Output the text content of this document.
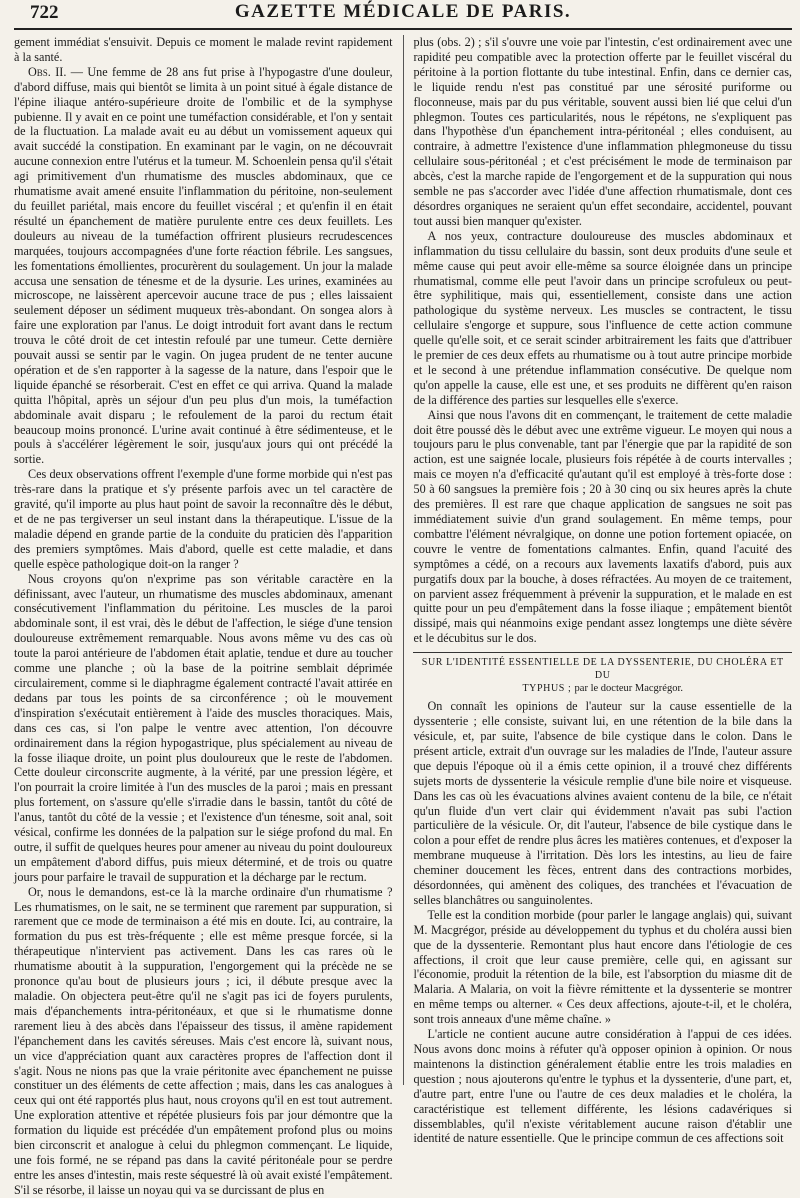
722	GAZETTE MÉDICALE DE PARIS.

gement immédiat s'ensuivit. Depuis ce moment le malade revint rapidement à la santé.

Obs. II. — Une femme de 28 ans fut prise à l'hypogastre d'une douleur, d'abord diffuse, mais qui bientôt se limita à un point situé à égale distance de l'épine iliaque antéro-supérieure droite de l'ombilic et de la symphyse pubienne. Il y avait en ce point une tuméfaction considérable, et l'on y sentait de la fluctuation. La malade avait eu au début un vomissement aqueux qui avait succédé la constipation. En examinant par le vagin, on ne découvrait aucune connexion entre l'utérus et la tumeur. M. Schoenlein pensa qu'il s'était agi primitivement d'un rhumatisme des muscles abdominaux, que ce rhumatisme avait amené ensuite l'inflammation du péritoine, non-seulement du feuillet pariétal, mais encore du feuillet viscéral ; et qu'enfin il en était résulté un épanchement de matière purulente entre ces deux feuillets. Les douleurs au niveau de la tuméfaction offrirent plusieurs recrudescences marquées, toujours accompagnées d'une forte réaction fébrile. Les sangsues, les fomentations émollientes, procurèrent du soulagement. Un jour la malade accusa une sensation de ténesme et de la dysurie. Les urines, examinées au microscope, ne laissèrent apercevoir aucune trace de pus ; elles laissaient seulement déposer un sédiment muqueux très-abondant. On songea alors à faire une exploration par l'anus. Le doigt introduit fort avant dans le rectum trouva le côté droit de cet intestin refoulé par une tumeur. Cette dernière pouvait aussi se sentir par le vagin. On jugea prudent de ne tenter aucune opération et de s'en rapporter à la sagesse de la nature, dans l'espoir que le liquide épanché se résorberait. C'est en effet ce qui arriva. Quand la malade quitta l'hôpital, après un séjour d'un peu plus d'un mois, la tuméfaction abdominale avait disparu ; le refoulement de la paroi du rectum était beaucoup moins prononcé. L'urine avait continué à être sédimenteuse, et le pouls à s'accélérer légèrement le soir, jusqu'aux jours qui ont précédé la sortie.

Ces deux observations offrent l'exemple d'une forme morbide qui n'est pas très-rare dans la pratique et s'y présente parfois avec un tel caractère de gravité, qu'il importe au plus haut point de savoir la reconnaître dès le début, et de ne pas tergiverser un seul instant dans la thérapeutique. L'issue de la maladie dépend en grande partie de la conduite du praticien dès l'apparition des premiers symptômes. Mais d'abord, quelle est cette maladie, et dans quelle espèce pathologique doit-on la ranger ?

Nous croyons qu'on n'exprime pas son véritable caractère en la définissant, avec l'auteur, un rhumatisme des muscles abdominaux, amenant consécutivement l'inflammation du péritoine. Les muscles de la paroi abdominale sont, il est vrai, dès le début de l'affection, le siége d'une tension douloureuse extrêmement remarquable. Nous avons même vu des cas où toute la paroi antérieure de l'abdomen était aplatie, tendue et dure au toucher comme une planche ; où la base de la poitrine semblait déprimée circulairement, comme si le diaphragme également contracté l'avait attirée en dedans par tous les points de sa circonférence ; où le mouvement d'inspiration s'exécutait entièrement à l'aide des muscles thoraciques. Mais, dans ces cas, si l'on palpe le ventre avec attention, l'on découvre ordinairement dans la région hypogastrique, plus spécialement au niveau de la fosse iliaque droite, un point plus douloureux que le reste de l'abdomen. Cette douleur circonscrite augmente, à la vérité, par une pression légère, et l'on pourrait la croire limitée à l'un des muscles de la paroi ; mais en pressant plus fortement, on s'assure qu'elle s'irradie dans le bassin, tantôt du côté de l'anus, tantôt du côté de la vessie ; et l'existence d'un ténesme, soit anal, soit vésical, confirme les données de la palpation sur le siége profond du mal. En outre, il suffit de quelques heures pour amener au niveau du point douloureux un empâtement d'abord diffus, puis mieux déterminé, et de trois ou quatre jours pour parfaire le travail de suppuration et la décharge par le rectum.

Or, nous le demandons, est-ce là la marche ordinaire d'un rhumatisme ? Les rhumatismes, on le sait, ne se terminent que rarement par suppuration, si rarement que ce mode de terminaison a été mis en doute. Ici, au contraire, la formation du pus est très-fréquente ; elle est même presque forcée, si la thérapeutique n'intervient pas activement. Dans les cas rares où le rhumatisme aboutit à la suppuration, l'engorgement qui la précède ne se prononce qu'au bout de plusieurs jours ; ici, il débute presque avec la maladie. On objectera peut-être qu'il ne s'agit pas ici de foyers purulents, mais d'épanchements intra-péritonéaux, et que si le rhumatisme donne rarement lieu à des abcès dans l'épaisseur des tissus, il amène rapidement l'épanchement dans les cavités séreuses. Mais c'est encore là, suivant nous, un vice d'appréciation quant aux caractères propres de l'affection dont il s'agit. Nous ne nions pas que la vraie péritonite avec épanchement ne puisse constituer un des éléments de cette affection ; mais, dans les cas analogues à ceux qui ont été rapportés plus haut, nous croyons qu'il en est tout autrement. Une exploration attentive et répétée plusieurs fois par jour démontre que la formation du liquide est précédée d'un empâtement profond plus ou moins bien circonscrit et analogue à celui du phlegmon commençant. Le liquide, une fois formé, ne se répand pas dans la cavité péritonéale pour se perdre entre les anses d'intestin, mais reste séquestré là où avait existé l'empâtement. S'il se résorbe, il laisse un noyau qui va se durcissant de plus en

plus (obs. 2) ; s'il s'ouvre une voie par l'intestin, c'est ordinairement avec une rapidité peu compatible avec la protection offerte par le feuillet viscéral du péritoine à la portion flottante du tube intestinal. Enfin, dans ce dernier cas, le liquide rendu n'est pas constitué par une sérosité puriforme ou floconneuse, mais par du pus véritable, souvent aussi bien lié que celui d'un phlegmon. Toutes ces particularités, nous le répétons, ne s'expliquent pas dans l'hypothèse d'un épanchement intra-péritonéal ; elles conduisent, au contraire, à admettre l'existence d'une inflammation phlegmoneuse du tissu cellulaire sous-péritonéal ; et c'est précisément le mode de terminaison par abcès, c'est la marche rapide de l'engorgement et de la suppuration qui nous semble ne pas s'accorder avec l'idée d'une affection rhumatismale, dont ces désordres organiques ne seraient qu'un effet secondaire, accidentel, pouvant tout aussi bien manquer qu'exister.

A nos yeux, contracture douloureuse des muscles abdominaux et inflammation du tissu cellulaire du bassin, sont deux produits d'une seule et même cause qui peut avoir elle-même sa source éloignée dans un principe rhumatismal, comme elle peut l'avoir dans un principe scrofuleux ou peut-être syphilitique, mais qui, essentiellement, consiste dans une action pathologique du système nerveux. Les muscles se contractent, le tissu cellulaire s'engorge et suppure, sous l'influence de cette action commune quelle qu'elle soit, et ce serait scinder arbitrairement les faits que d'attribuer le premier de ces deux effets au rhumatisme ou à tout autre principe morbide et le second à une prétendue inflammation consécutive. De quelque nom qu'on appelle la cause, elle est une, et ses produits ne diffèrent qu'en raison de la différence des parties sur lesquelles elle s'exerce.

Ainsi que nous l'avons dit en commençant, le traitement de cette maladie doit être poussé dès le début avec une extrême vigueur. Le moyen qui nous a toujours paru le plus convenable, tant par l'énergie que par la rapidité de son action, est une saignée locale, plusieurs fois répétée à de courts intervalles ; mais ce moyen n'a d'efficacité qu'autant qu'il est employé à très-forte dose : 50 à 60 sangsues la première fois ; 20 à 30 cinq ou six heures après la chute des premières. Il est rare que chaque application de sangsues ne soit pas immédiatement suivie d'un grand soulagement. En même temps, pour combattre l'élément névralgique, on donne une potion fortement opiacée, on couvre le ventre de fomentations calmantes. Enfin, quand l'acuité des symptômes a cédé, on a recours aux lavements laxatifs d'abord, puis aux purgatifs doux par la bouche, à doses réfractées. Au moyen de ce traitement, on parvient assez fréquemment à prévenir la suppuration, et le malade en est quitte pour un peu d'empâtement dans la fosse iliaque ; empâtement bientôt dissipé, mais qui néanmoins exige pendant assez longtemps une diète sévère et le décubitus sur le dos.

SUR L'IDENTITÉ ESSENTIELLE DE LA DYSSENTERIE, DU CHOLÉRA ET DU
TYPHUS ; par le docteur Macgrégor.

On connaît les opinions de l'auteur sur la cause essentielle de la dyssenterie ; elle consiste, suivant lui, en une rétention de la bile dans la vésicule, et, par suite, l'absence de bile cystique dans le colon. Dans le présent article, extrait d'un ouvrage sur les maladies de l'Inde, l'auteur assure que depuis l'époque où il a émis cette opinion, il a trouvé chez différents sujets morts de dyssenterie la vésicule remplie d'une bile noire et visqueuse. Dans les cas où les évacuations alvines avaient contenu de la bile, ce n'était qu'un fluide d'un vert clair qui évidemment n'avait pas subi l'action particulière de la vésicule. Or, dit l'auteur, l'absence de bile cystique dans le colon a pour effet de rendre plus âcres les matières contenues, et d'exposer la membrane muqueuse à l'irritation. Dès lors les intestins, au lieu de faire cheminer doucement les fèces, entrent dans des contractions morbides, désordonnées, qui amènent des coliques, des tranchées et l'évacuation de selles blanchâtres ou sanguinolentes.

Telle est la condition morbide (pour parler le langage anglais) qui, suivant M. Macgrégor, préside au développement du typhus et du choléra aussi bien que de la dyssenterie. Remontant plus haut encore dans l'étiologie de ces affections, il croit que leur cause première, celle qui, en agissant sur l'économie, produit la rétention de la bile, est l'absorption du miasme dit de Malaria. A Malaria, on voit la fièvre rémittente et la dyssenterie se montrer en même temps ou alterner. « Ces deux affections, ajoute-t-il, et le choléra, sont trois anneaux d'une même chaîne. »

L'article ne contient aucune autre considération à l'appui de ces idées. Nous avons donc moins à réfuter qu'à opposer opinion à opinion. Or nous maintenons la distinction généralement établie entre les trois maladies en question ; nous ajouterons qu'entre le typhus et la dyssenterie, d'une part, et, d'autre part, entre l'une ou l'autre de ces deux maladies et le choléra, la caractéristique est tellement différente, les lésions cadavériques si dissemblables, qu'il n'existe véritablement aucune raison d'établir une identité de nature essentielle. Que le principe commun de ces affections soit
